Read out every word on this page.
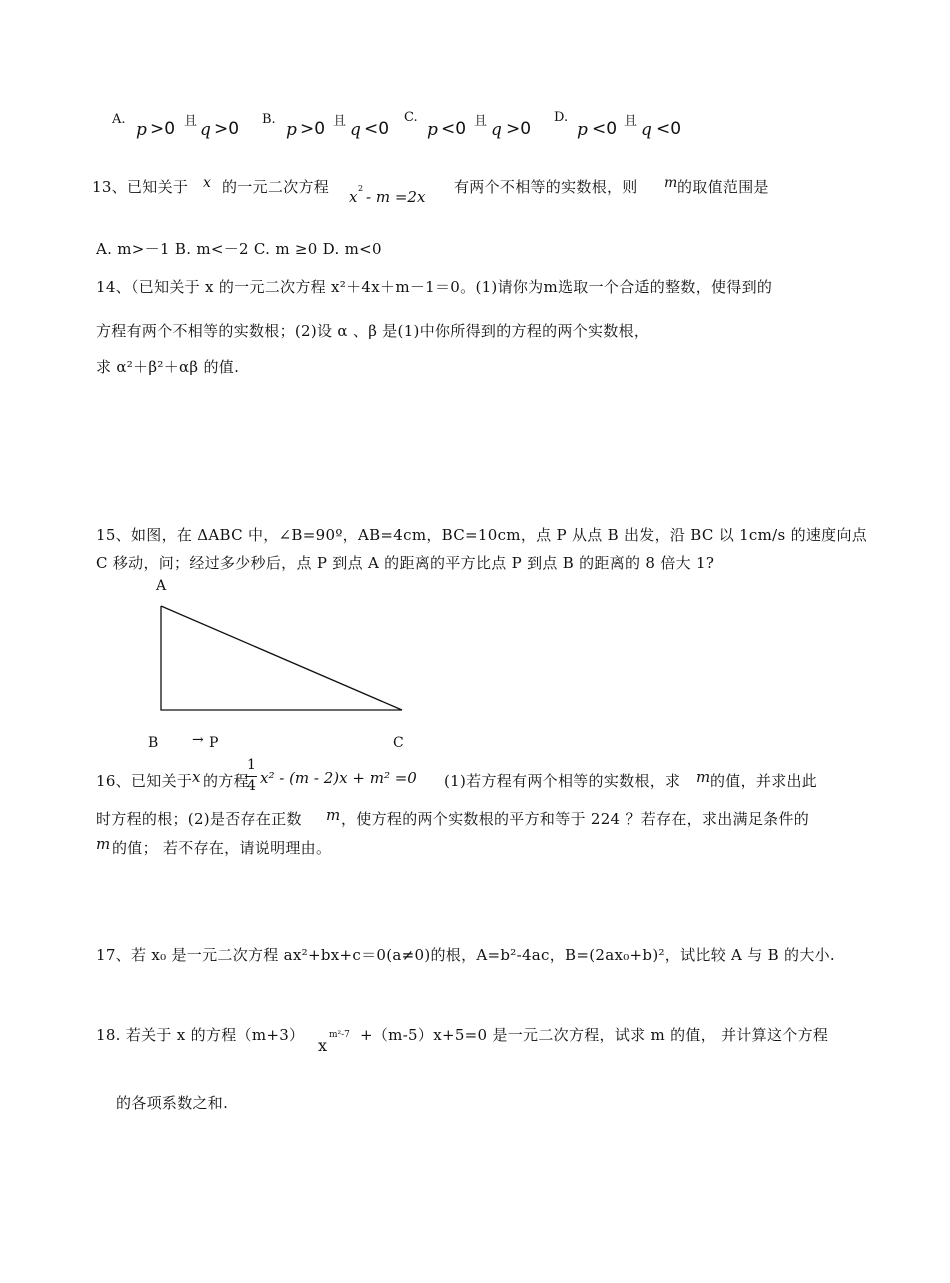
A.
p >0 且 q >0 B.
p >0 且 q <0
C.
p <0 且 q >0
D.
p <0 且 q <0
13、已知关于 x 的一元二次方程
x 2 - m =2x
有两个不相等的实数根，则 m 的取值范围是
A. m>－1 B. m<－2 C. m ≥0 D. m<0
14、（已知关于 x 的一元二次方程 x²＋4x＋m－1＝0。(1)请你为m选取一个合适的整数，使得到的
方程有两个不相等的实数根；(2)设 α 、β 是(1)中你所得到的方程的两个实数根，
求 α²＋β²＋αβ 的值.
15、如图，在 ΔABC 中，∠B=90º，AB=4cm，BC=10cm，点 P 从点 B 出发，沿 BC 以 1cm/s 的速度向点
C 移动，问；经过多少秒后，点 P 到点 A 的距离的平方比点 P 到点 B 的距离的 8 倍大 1?
A
B → P	C
16、已知关于 x 的方程
1
4 x² - (m - 2)x + m² =0 (1)若方程有两个相等的实数根，求 m 的值，并求出此
时方程的根；(2)是否存在正数 m ，使方程的两个实数根的平方和等于 224 ？若存在，求出满足条件的
m 的值； 若不存在，请说明理由。
17、若 x₀ 是一元二次方程 ax²+bx+c＝0(a≠0)的根，A=b²-4ac，B=(2ax₀+b)²，试比较 A 与 B 的大小.
18. 若关于 x 的方程（m+3）
x
m²-7 +（m-5）x+5=0 是一元二次方程，试求 m 的值， 并计算这个方程
的各项系数之和.
